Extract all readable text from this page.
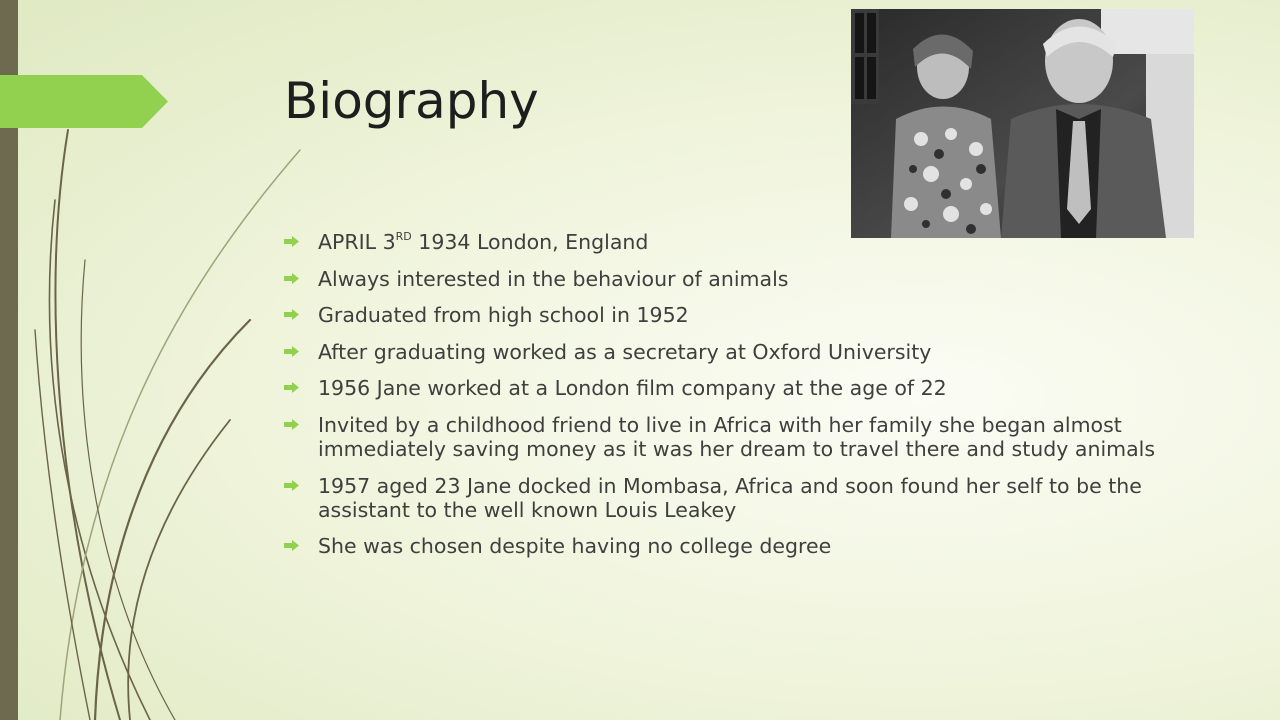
Biography
APRIL 3RD 1934 London, England
Always interested in the behaviour of animals
Graduated from high school in 1952
After graduating worked as a secretary at Oxford University
1956 Jane worked at a London film company at the age of 22
Invited by a childhood friend to live in Africa with her family she began almost immediately saving money as it was her dream to travel there and study animals
1957 aged 23 Jane docked in Mombasa, Africa and soon found her self to be the assistant to the well known Louis Leakey
She was chosen despite having no college degree
